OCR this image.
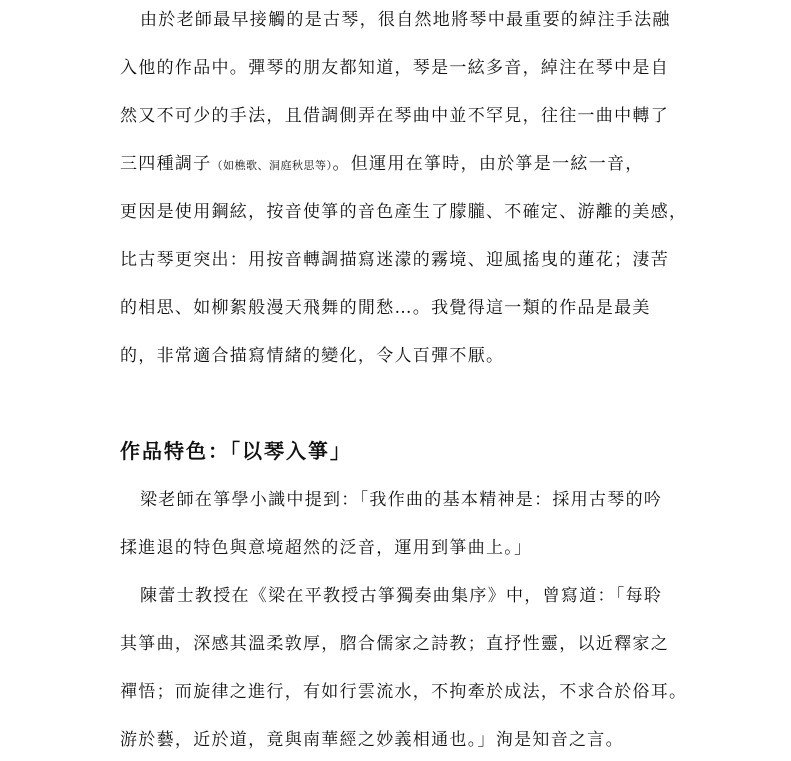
由於老師最早接觸的是古琴，很自然地將琴中最重要的綽注手法融
入他的作品中。彈琴的朋友都知道，琴是一絃多音，綽注在琴中是自
然又不可少的手法，且借調側弄在琴曲中並不罕見，往往一曲中轉了
三四種調子（如樵歌、洞庭秋思等）。但運用在箏時，由於箏是一絃一音，
更因是使用鋼絃，按音使箏的音色產生了朦朧、不確定、游離的美感，
比古琴更突出：用按音轉調描寫迷濛的霧境、迎風搖曳的蓮花；淒苦
的相思、如柳絮般漫天飛舞的閒愁…。我覺得這一類的作品是最美
的，非常適合描寫情緒的變化，令人百彈不厭。
作品特色：「以琴入箏」
梁老師在箏學小識中提到：「我作曲的基本精神是：採用古琴的吟
揉進退的特色與意境超然的泛音，運用到箏曲上。」
陳蕾士教授在《梁在平教授古箏獨奏曲集序》中，曾寫道：「每聆
其箏曲，深感其溫柔敦厚，脗合儒家之詩教；直抒性靈，以近釋家之
禪悟；而旋律之進行，有如行雲流水，不拘牽於成法，不求合於俗耳。
游於藝，近於道，竟與南華經之妙義相通也。」洵是知音之言。
